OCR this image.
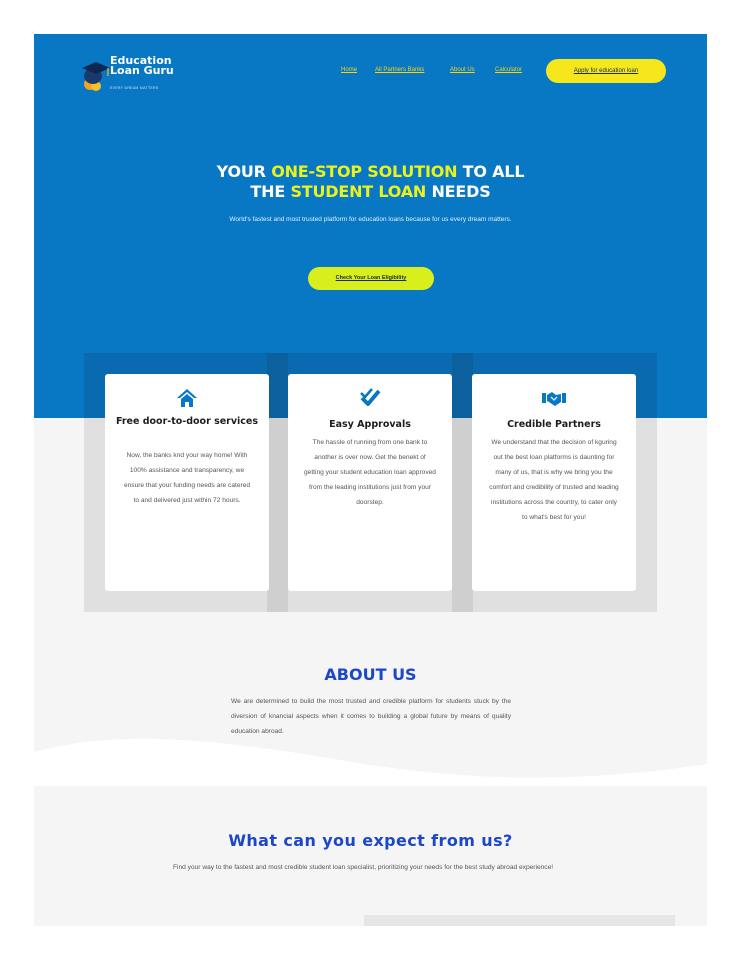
Education
Loan Guru
EVERY DREAM MATTERS
Home	All Partners Banks	About Us	Calculator	Apply for education loan
YOUR ONE-STOP SOLUTION TO ALL
THE STUDENT LOAN NEEDS
World's fastest and most trusted platform for education loans because for us every dream matters.
Check Your Loan Eligibility
Free door-to-door services

Now, the banks knd your way home! With 100% assistance and transparency, we ensure that your funding needs are catered to and delivered just within 72 hours.

Easy Approvals

The hassle of running from one bank to another is over now. Get the benekt of getting your student education loan approved from the leading institutions just from your doorstep.

Credible Partners

We understand that the decision of kguring out the best loan platforms is daunting for many of us, that is why we bring you the comfort and credibility of trusted and leading institutions across the country, to cater only to what's best for you!

ABOUT US

We are determined to build the most trusted and credible platform for students stuck by the diversion of knancial aspects when it comes to building a global future by means of quality education abroad.

What can you expect from us?

Find your way to the fastest and most credible student loan specialist, prioritizing your needs for the best study abroad experience!
